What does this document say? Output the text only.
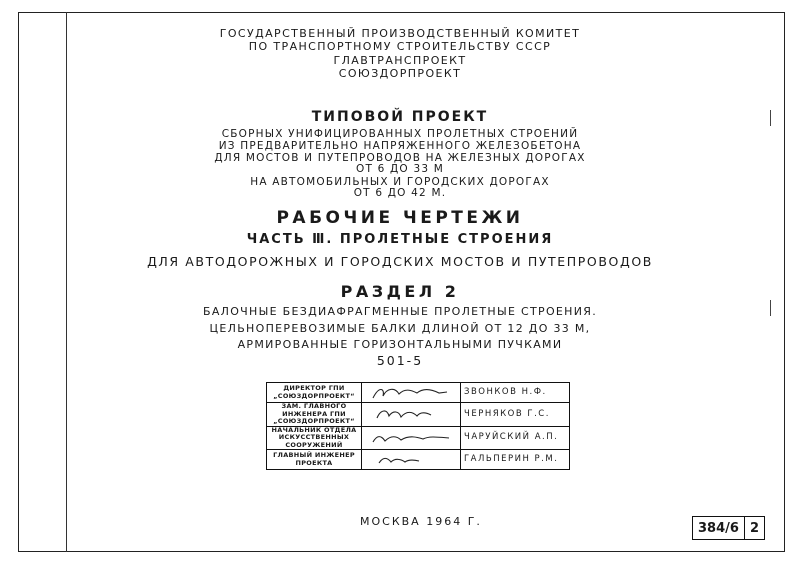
ГОСУДАРСТВЕННЫЙ ПРОИЗВОДСТВЕННЫЙ КОМИТЕТ
ПО ТРАНСПОРТНОМУ СТРОИТЕЛЬСТВУ СССР
ГЛАВТРАНСПРОЕКТ
СОЮЗДОРПРОЕКТ
ТИПОВОЙ ПРОЕКТ
СБОРНЫХ УНИФИЦИРОВАННЫХ ПРОЛЕТНЫХ СТРОЕНИЙ
ИЗ ПРЕДВАРИТЕЛЬНО НАПРЯЖЕННОГО ЖЕЛЕЗОБЕТОНА
ДЛЯ МОСТОВ И ПУТЕПРОВОДОВ НА ЖЕЛЕЗНЫХ ДОРОГАХ
ОТ 6 ДО 33 М
НА АВТОМОБИЛЬНЫХ И ГОРОДСКИХ ДОРОГАХ
ОТ 6 ДО 42 М.
РАБОЧИЕ ЧЕРТЕЖИ
ЧАСТЬ Ⅲ. ПРОЛЕТНЫЕ СТРОЕНИЯ
ДЛЯ АВТОДОРОЖНЫХ И ГОРОДСКИХ МОСТОВ И ПУТЕПРОВОДОВ
РАЗДЕЛ 2
БАЛОЧНЫЕ БЕЗДИАФРАГМЕННЫЕ ПРОЛЕТНЫЕ СТРОЕНИЯ.
ЦЕЛЬНОПЕРЕВОЗИМЫЕ БАЛКИ ДЛИНОЙ ОТ 12 ДО 33 М,
АРМИРОВАННЫЕ ГОРИЗОНТАЛЬНЫМИ ПУЧКАМИ
501-5
ДИРЕКТОР ГПИ „СОЮЗДОРПРОЕКТ“		ЗВОНКОВ Н.Ф.
ЗАМ. ГЛАВНОГО ИНЖЕНЕРА ГПИ „СОЮЗДОРПРОЕКТ“		ЧЕРНЯКОВ Г.С.
НАЧАЛЬНИК ОТДЕЛА ИСКУССТВЕННЫХ СООРУЖЕНИЙ		ЧАРУЙСКИЙ А.П.
ГЛАВНЫЙ ИНЖЕНЕР ПРОЕКТА		ГАЛЬПЕРИН Р.М.
МОСКВА 1964 Г.	384/6 2
